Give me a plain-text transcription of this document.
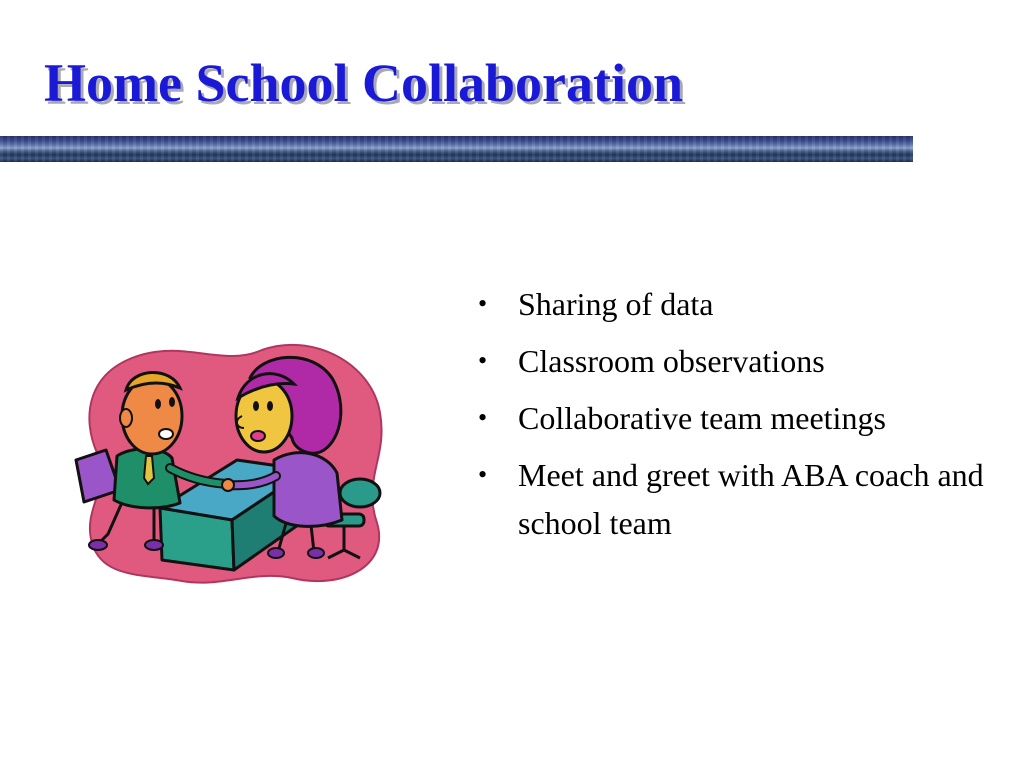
Home School Collaboration
• Sharing of data
• Classroom observations
• Collaborative team meetings
• Meet and greet with ABA coach and school team
